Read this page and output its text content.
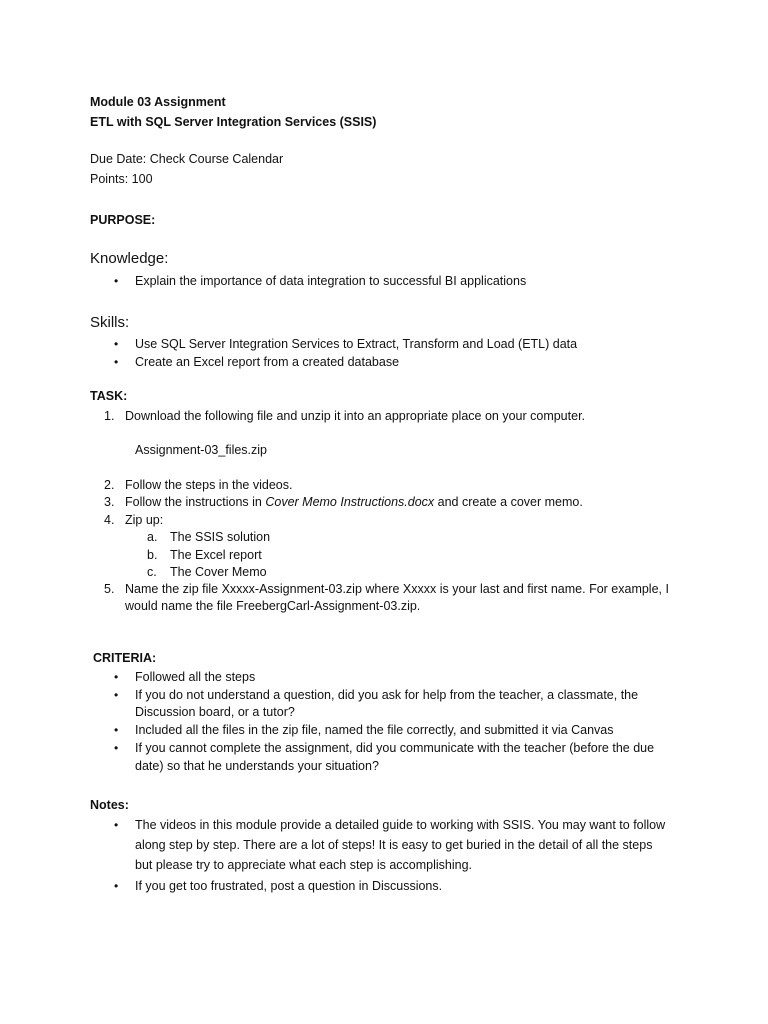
Module 03 Assignment
ETL with SQL Server Integration Services (SSIS)
Due Date: Check Course Calendar
Points: 100
PURPOSE:
Knowledge:
• Explain the importance of data integration to successful BI applications
Skills:
• Use SQL Server Integration Services to Extract, Transform and Load (ETL) data
• Create an Excel report from a created database
TASK:
1. Download the following file and unzip it into an appropriate place on your computer.
Assignment-03_files.zip
2. Follow the steps in the videos.
3. Follow the instructions in Cover Memo Instructions.docx and create a cover memo.
4. Zip up:
a. The SSIS solution
b. The Excel report
c. The Cover Memo
5. Name the zip file Xxxxx-Assignment-03.zip where Xxxxx is your last and first name. For example, I
would name the file FreebergCarl-Assignment-03.zip.
CRITERIA:
• Followed all the steps
• If you do not understand a question, did you ask for help from the teacher, a classmate, the
Discussion board, or a tutor?
• Included all the files in the zip file, named the file correctly, and submitted it via Canvas
• If you cannot complete the assignment, did you communicate with the teacher (before the due
date) so that he understands your situation?
Notes:
• The videos in this module provide a detailed guide to working with SSIS. You may want to follow
along step by step. There are a lot of steps! It is easy to get buried in the detail of all the steps
but please try to appreciate what each step is accomplishing.
• If you get too frustrated, post a question in Discussions.
